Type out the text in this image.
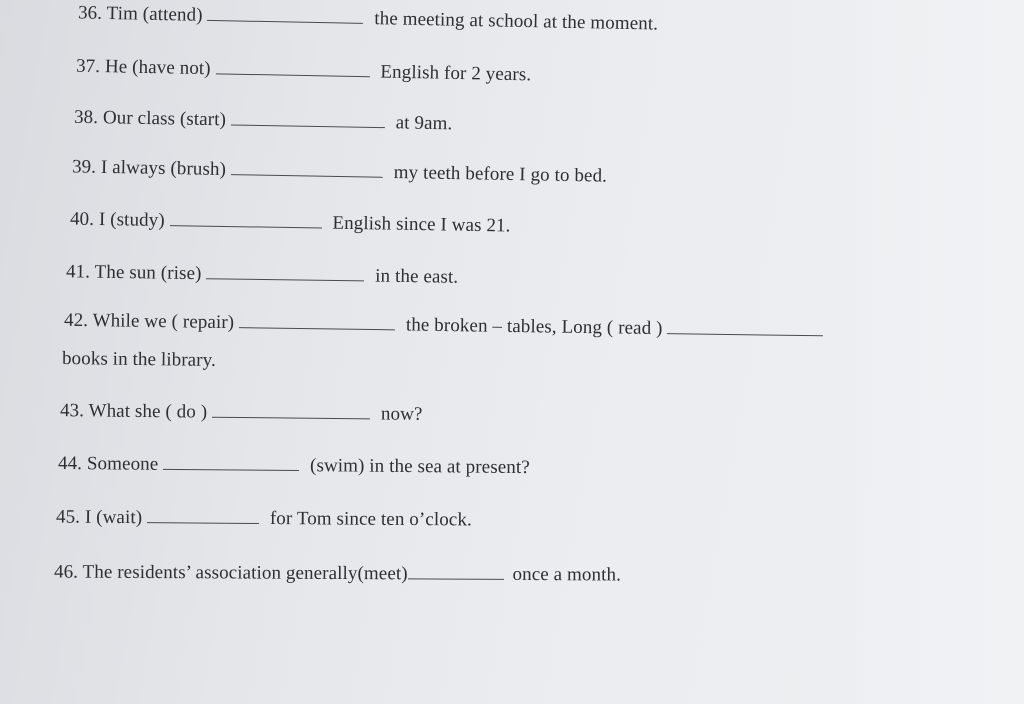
36. Tim (attend)	the meeting at school at the moment.
37. He (have not)	English for 2 years.
38. Our class (start)	at 9am.
39. I always (brush)	my teeth before I go to bed.
40. I (study)	English since I was 21.
41. The sun (rise)	in the east.
42. While we ( repair)	the broken – tables, Long ( read )
books in the library.
43. What she ( do )	now?
44. Someone	(swim) in the sea at present?
45. I (wait)	for Tom since ten o’clock.
46. The residents’ association generally(meet)	once a month.
